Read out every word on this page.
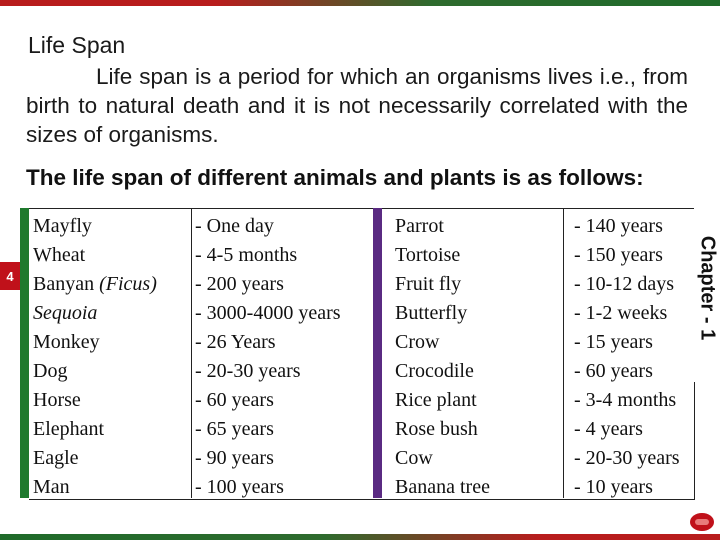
Life Span
Life span is a period for which an organisms lives i.e., from birth to natural death and it is not necessarily correlated with the sizes of organisms.
The life span of different animals and plants is as follows:
4
Mayfly	- One day	Parrot	- 140 years
Wheat	- 4-5 months	Tortoise	- 150 years
Banyan (Ficus)	- 200 years	Fruit fly	- 10-12 days
Sequoia	- 3000-4000 years	Butterfly	- 1-2 weeks
Monkey	- 26 Years	Crow	- 15 years
Dog	- 20-30 years	Crocodile	- 60 years
Horse	- 60 years	Rice plant	- 3-4 months
Elephant	- 65 years	Rose bush	- 4 years
Eagle	- 90 years	Cow	- 20-30 years
Man	- 100 years	Banana tree	- 10 years
Chapter - 1
